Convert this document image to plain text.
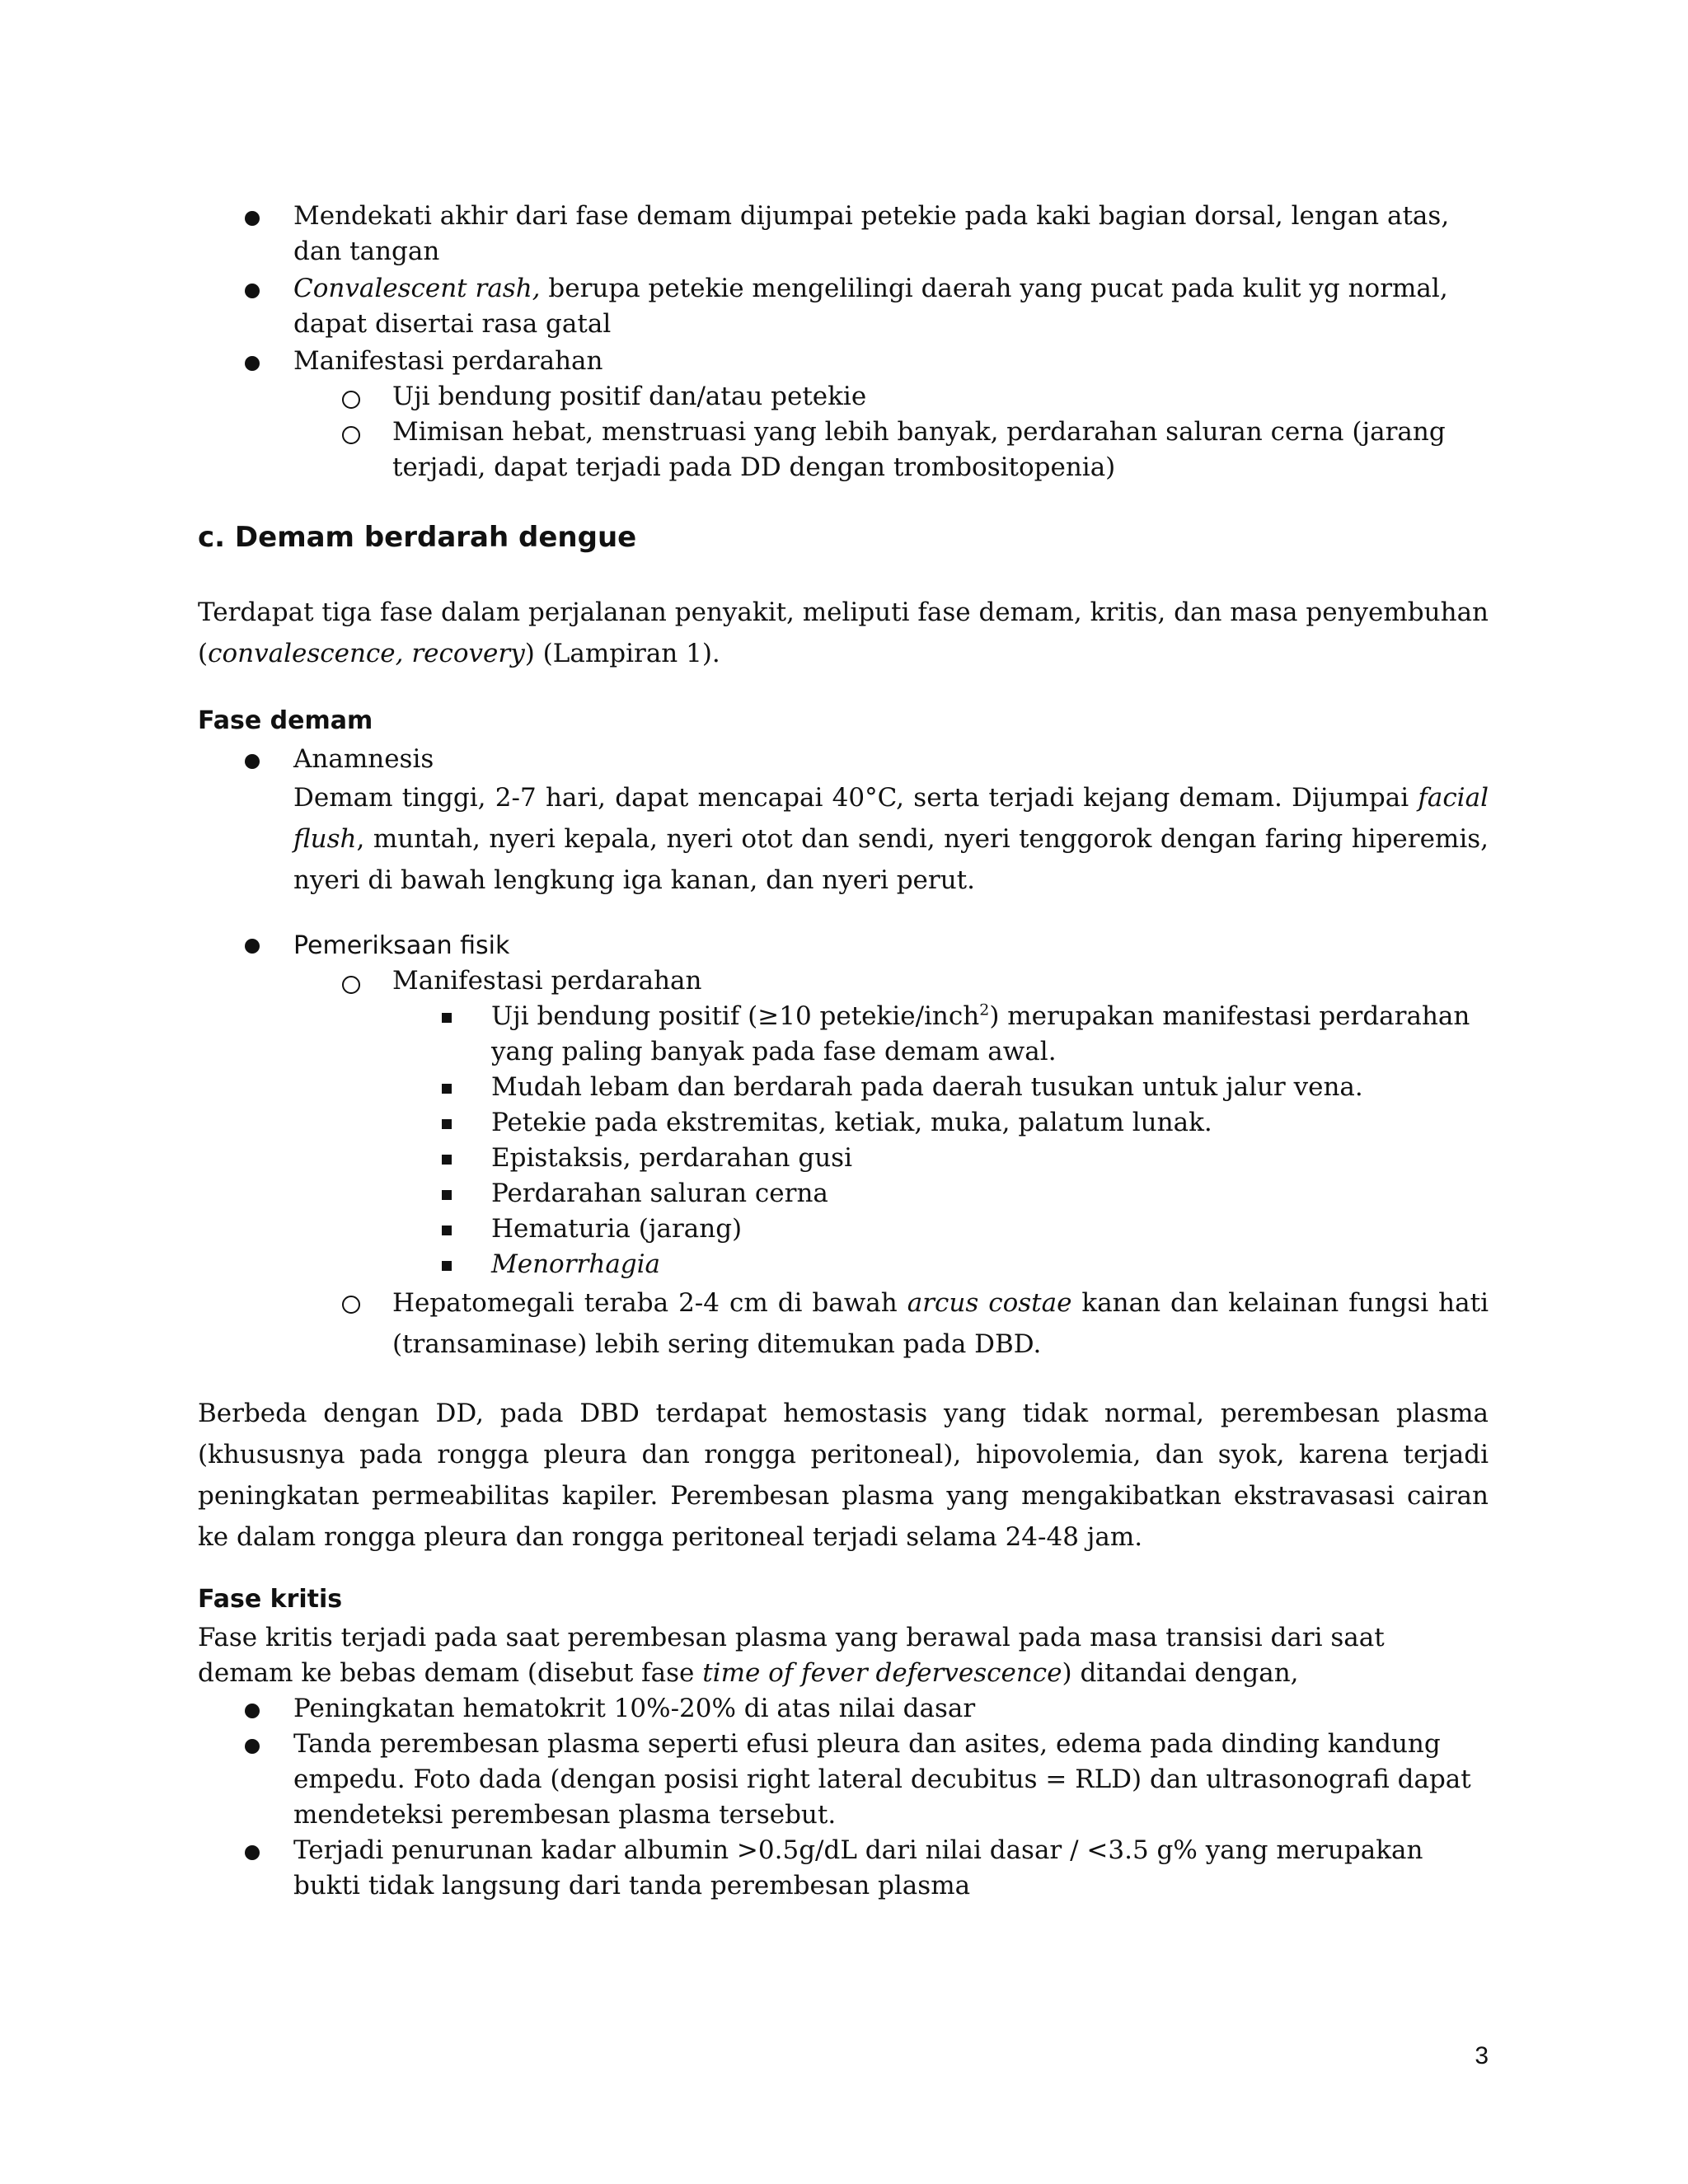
Mendekati akhir dari fase demam dijumpai petekie pada kaki bagian dorsal, lengan atas, dan tangan
Convalescent rash, berupa petekie mengelilingi daerah yang pucat pada kulit yg normal, dapat disertai rasa gatal
Manifestasi perdarahan
Uji bendung positif dan/atau petekie
Mimisan hebat, menstruasi yang lebih banyak, perdarahan saluran cerna (jarang terjadi, dapat terjadi pada DD dengan trombositopenia)
c. Demam berdarah dengue
Terdapat tiga fase dalam perjalanan penyakit, meliputi fase demam, kritis, dan masa penyembuhan (convalescence, recovery) (Lampiran 1).
Fase demam
Anamnesis
Demam tinggi, 2-7 hari, dapat mencapai 40°C, serta terjadi kejang demam. Dijumpai facial flush, muntah, nyeri kepala, nyeri otot dan sendi, nyeri tenggorok dengan faring hiperemis, nyeri di bawah lengkung iga kanan, dan nyeri perut.
Pemeriksaan fisik
Manifestasi perdarahan
Uji bendung positif (≥10 petekie/inch$^2$) merupakan manifestasi perdarahan yang paling banyak pada fase demam awal.
Mudah lebam dan berdarah pada daerah tusukan untuk jalur vena.
Petekie pada ekstremitas, ketiak, muka, palatum lunak.
Epistaksis, perdarahan gusi
Perdarahan saluran cerna
Hematuria (jarang)
Menorrhagia
Hepatomegali teraba 2-4 cm di bawah arcus costae kanan dan kelainan fungsi hati (transaminase) lebih sering ditemukan pada DBD.
Berbeda dengan DD, pada DBD terdapat hemostasis yang tidak normal, perembesan plasma (khususnya pada rongga pleura dan rongga peritoneal), hipovolemia, dan syok, karena terjadi peningkatan permeabilitas kapiler. Perembesan plasma yang mengakibatkan ekstravasasi cairan ke dalam rongga pleura dan rongga peritoneal terjadi selama 24-48 jam.
Fase kritis
Fase kritis terjadi pada saat perembesan plasma yang berawal pada masa transisi dari saat demam ke bebas demam (disebut fase time of fever defervescence) ditandai dengan,
Peningkatan hematokrit 10%-20% di atas nilai dasar
Tanda perembesan plasma seperti efusi pleura dan asites, edema pada dinding kandung empedu. Foto dada (dengan posisi right lateral decubitus = RLD) dan ultrasonografi dapat mendeteksi perembesan plasma tersebut.
Terjadi penurunan kadar albumin >0.5g/dL dari nilai dasar / <3.5 g% yang merupakan bukti tidak langsung dari tanda perembesan plasma
3
